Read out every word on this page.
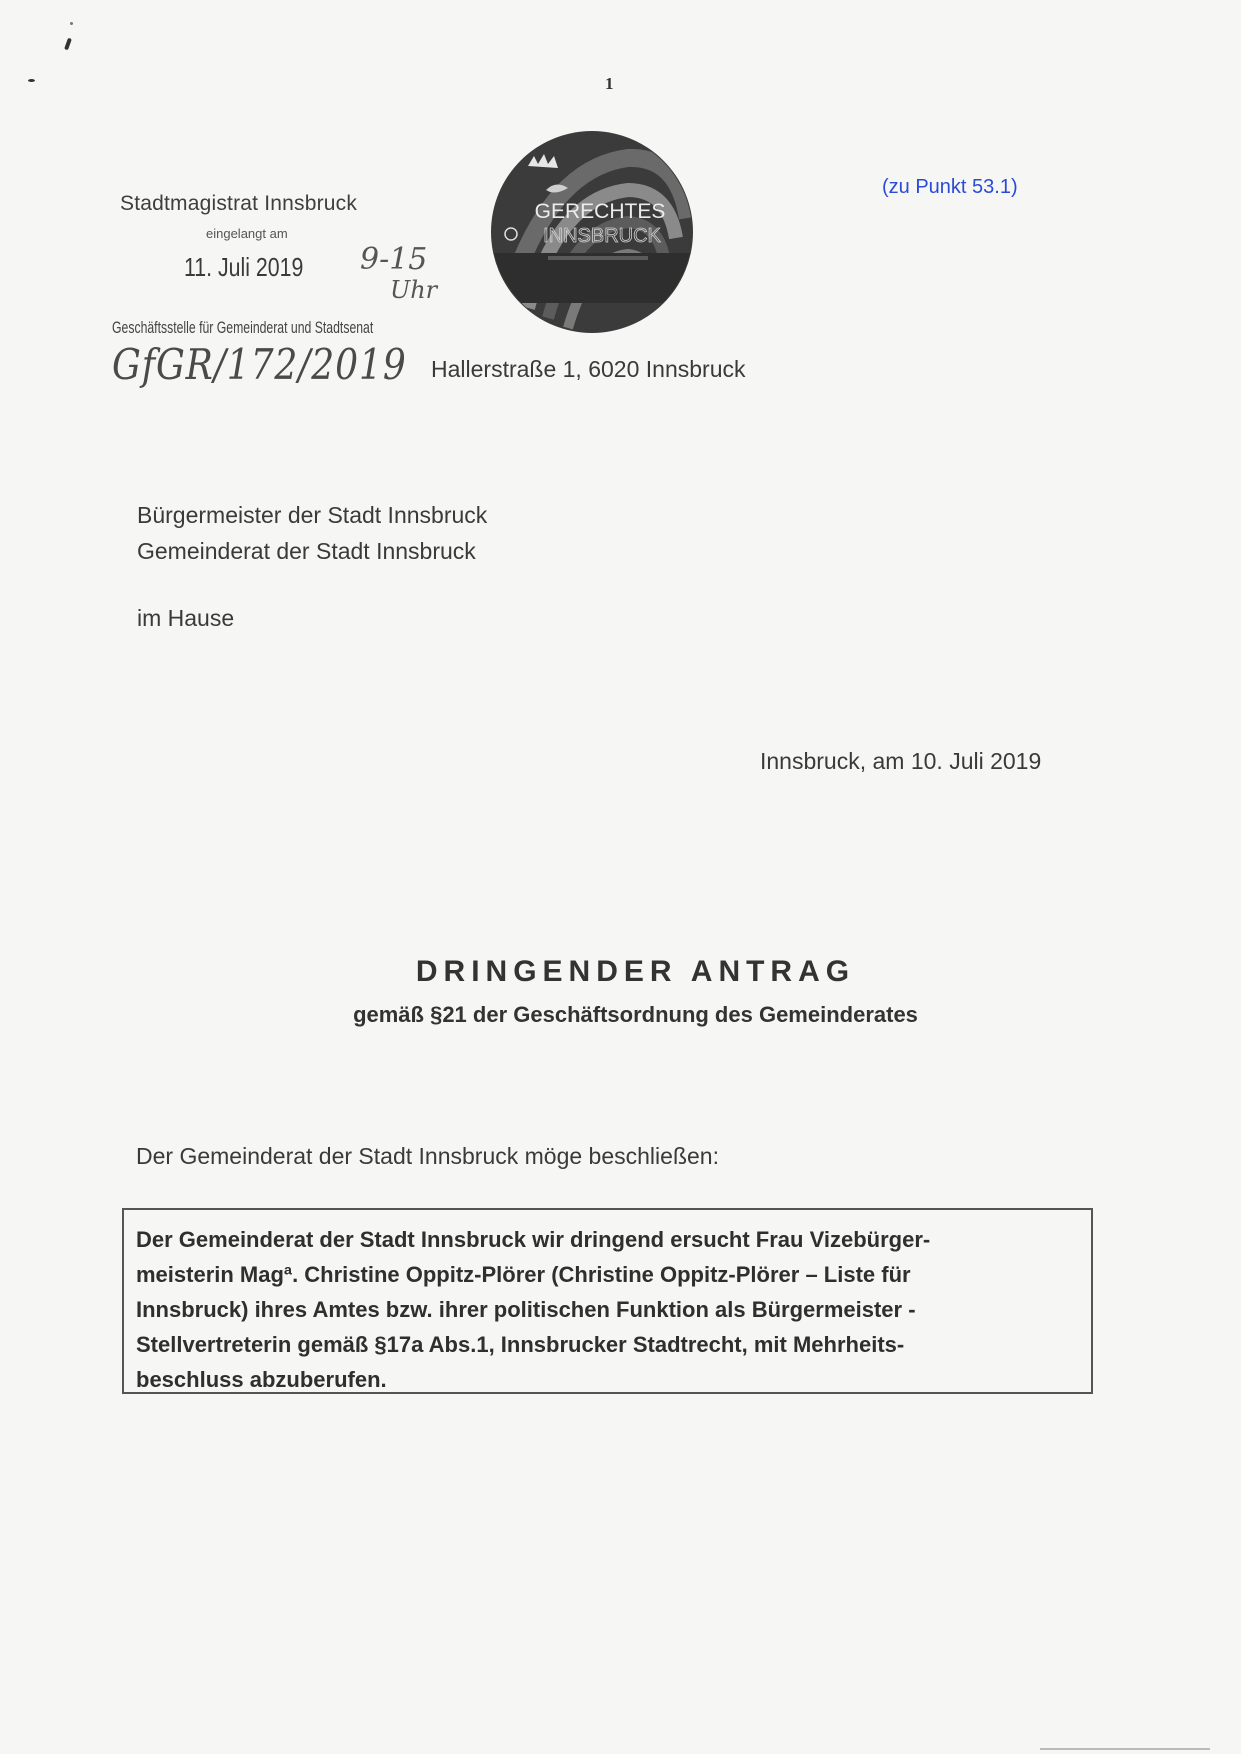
1
(zu Punkt 53.1)
Stadtmagistrat Innsbruck
eingelangt am
11. Juli 2019 9-15
Uhr
Geschäftsstelle für Gemeinderat und Stadtsenat
GfGR/172/2019
GERECHTES
INNSBRUCK
Hallerstraße 1, 6020 Innsbruck
Bürgermeister der Stadt Innsbruck
Gemeinderat der Stadt Innsbruck
im Hause
Innsbruck, am 10. Juli 2019
DRINGENDER ANTRAG
gemäß §21 der Geschäftsordnung des Gemeinderates
Der Gemeinderat der Stadt Innsbruck möge beschließen:
Der Gemeinderat der Stadt Innsbruck wir dringend ersucht Frau Vizebürger-
meisterin Magª. Christine Oppitz-Plörer (Christine Oppitz-Plörer – Liste für
Innsbruck) ihres Amtes bzw. ihrer politischen Funktion als Bürgermeister -
Stellvertreterin gemäß §17a Abs.1, Innsbrucker Stadtrecht, mit Mehrheits-
beschluss abzuberufen.
